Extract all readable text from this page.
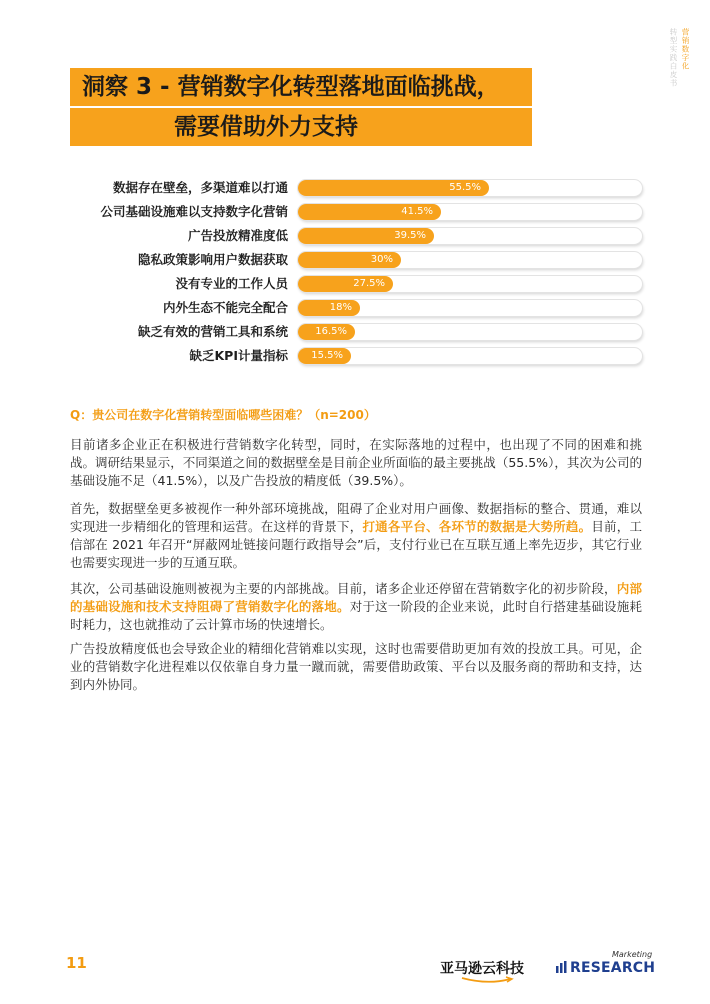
营销数字化
转型实践白皮书
洞察 3 - 营销数字化转型落地面临挑战，
需要借助外力支持
数据存在壁垒，多渠道难以打通	55.5%
公司基础设施难以支持数字化营销	41.5%
广告投放精准度低	39.5%
隐私政策影响用户数据获取	30%
没有专业的工作人员	27.5%
内外生态不能完全配合	18%
缺乏有效的营销工具和系统	16.5%
缺乏KPI计量指标 15.5%
Q：贵公司在数字化营销转型面临哪些困难？（n=200）
目前诸多企业正在积极进行营销数字化转型，同时，在实际落地的过程中，也出现了不同的困难和挑战。调研结果显示，不同渠道之间的数据壁垒是目前企业所面临的最主要挑战（55.5%），其次为公司的基础设施不足（41.5%），以及广告投放的精度低（39.5%）。
首先，数据壁垒更多被视作一种外部环境挑战，阻碍了企业对用户画像、数据指标的整合、贯通，难以实现进一步精细化的管理和运营。在这样的背景下，打通各平台、各环节的数据是大势所趋。目前，工信部在 2021 年召开“屏蔽网址链接问题行政指导会”后，支付行业已在互联互通上率先迈步，其它行业也需要实现进一步的互通互联。
其次，公司基础设施则被视为主要的内部挑战。目前，诸多企业还停留在营销数字化的初步阶段，内部的基础设施和技术支持阻碍了营销数字化的落地。对于这一阶段的企业来说，此时自行搭建基础设施耗时耗力，这也就推动了云计算市场的快速增长。
广告投放精度低也会导致企业的精细化营销难以实现，这时也需要借助更加有效的投放工具。可见，企业的营销数字化进程难以仅依靠自身力量一蹴而就，需要借助政策、平台以及服务商的帮助和支持，达到内外协同。
11	亚马逊云科技
Marketing
RESEARCH
